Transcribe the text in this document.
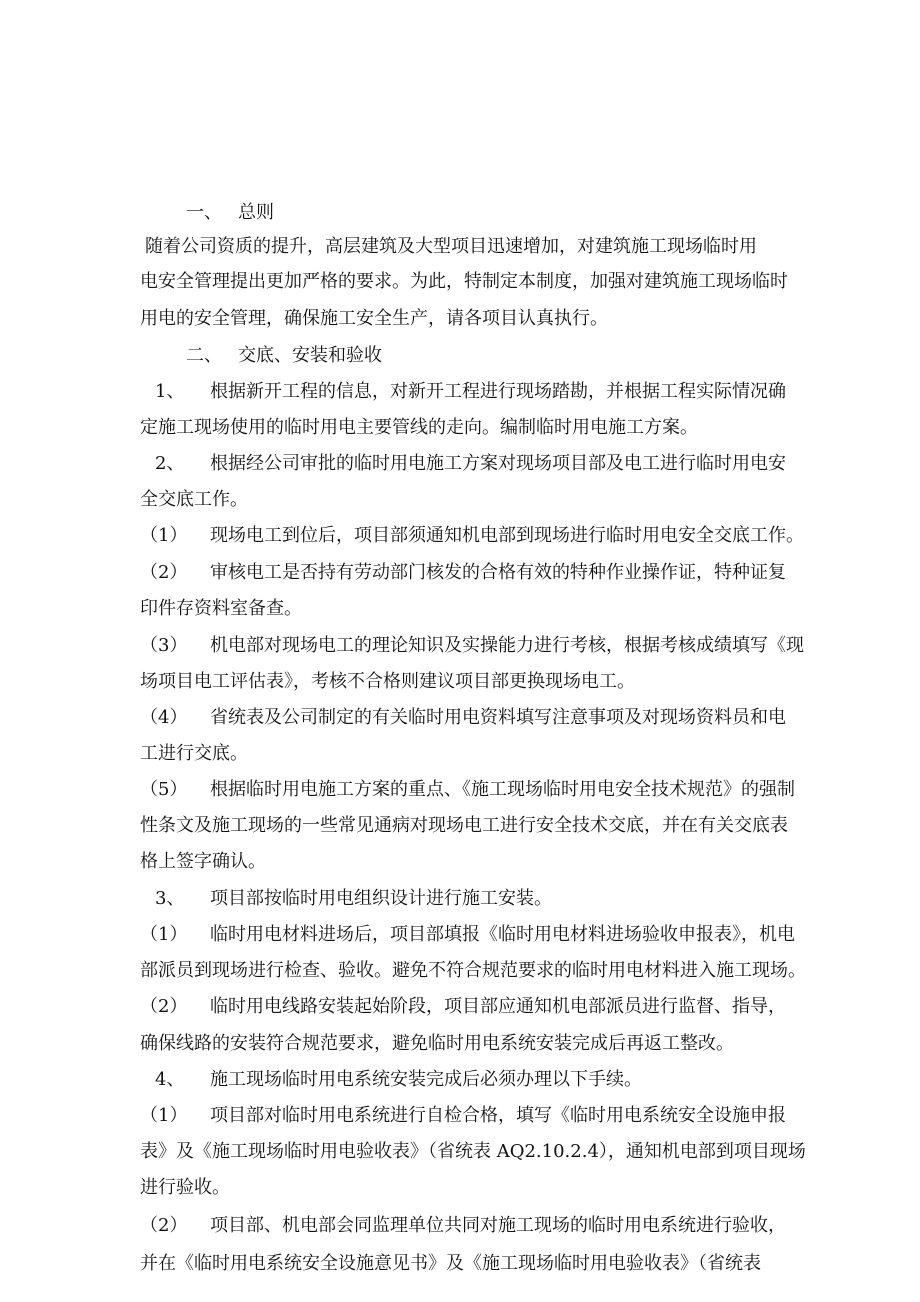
一、 总则
随着公司资质的提升，高层建筑及大型项目迅速增加，对建筑施工现场临时用
电安全管理提出更加严格的要求。为此，特制定本制度，加强对建筑施工现场临时
用电的安全管理，确保施工安全生产，请各项目认真执行。
二、 交底、安装和验收
1、 根据新开工程的信息，对新开工程进行现场踏勘，并根据工程实际情况确
定施工现场使用的临时用电主要管线的走向。编制临时用电施工方案。
2、 根据经公司审批的临时用电施工方案对现场项目部及电工进行临时用电安
全交底工作。
（1） 现场电工到位后，项目部须通知机电部到现场进行临时用电安全交底工作。
（2） 审核电工是否持有劳动部门核发的合格有效的特种作业操作证，特种证复
印件存资料室备查。
（3） 机电部对现场电工的理论知识及实操能力进行考核，根据考核成绩填写《现
场项目电工评估表》，考核不合格则建议项目部更换现场电工。
（4） 省统表及公司制定的有关临时用电资料填写注意事项及对现场资料员和电
工进行交底。
（5） 根据临时用电施工方案的重点、《施工现场临时用电安全技术规范》的强制
性条文及施工现场的一些常见通病对现场电工进行安全技术交底，并在有关交底表
格上签字确认。
3、 项目部按临时用电组织设计进行施工安装。
（1） 临时用电材料进场后，项目部填报《临时用电材料进场验收申报表》，机电
部派员到现场进行检查、验收。避免不符合规范要求的临时用电材料进入施工现场。
（2） 临时用电线路安装起始阶段，项目部应通知机电部派员进行监督、指导，
确保线路的安装符合规范要求，避免临时用电系统安装完成后再返工整改。
4、 施工现场临时用电系统安装完成后必须办理以下手续。
（1） 项目部对临时用电系统进行自检合格，填写《临时用电系统安全设施申报
表》及《施工现场临时用电验收表》（省统表 AQ2.10.2.4），通知机电部到项目现场
进行验收。
（2） 项目部、机电部会同监理单位共同对施工现场的临时用电系统进行验收，
并在《临时用电系统安全设施意见书》及《施工现场临时用电验收表》（省统表
